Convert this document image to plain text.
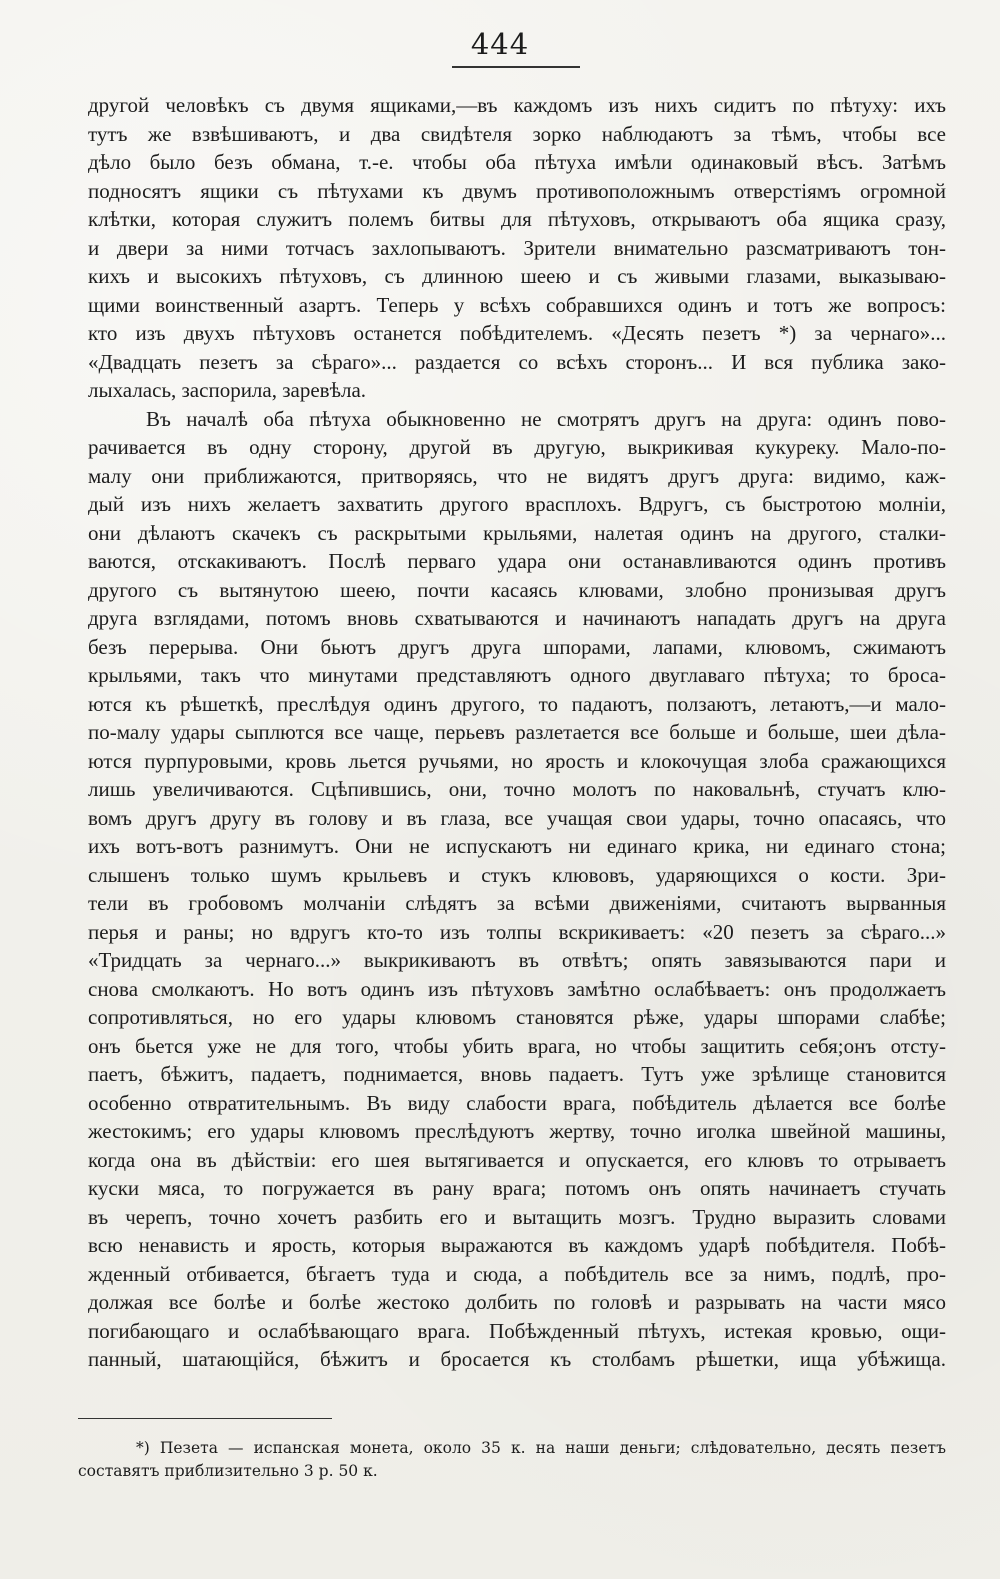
444
другой человѣкъ съ двумя ящиками,—въ каждомъ изъ нихъ сидитъ по пѣтуху: ихъ
тутъ же взвѣшиваютъ, и два свидѣтеля зорко наблюдаютъ за тѣмъ, чтобы все
дѣло было безъ обмана, т.-е. чтобы оба пѣтуха имѣли одинаковый вѣсъ. Затѣмъ
подносятъ ящики съ пѣтухами къ двумъ противоположнымъ отверстіямъ огромной
клѣтки, которая служитъ полемъ битвы для пѣтуховъ, открываютъ оба ящика сразу,
и двери за ними тотчасъ захлопываютъ. Зрители внимательно разсматриваютъ тон-
кихъ и высокихъ пѣтуховъ, съ длинною шеею и съ живыми глазами, выказываю-
щими воинственный азартъ. Теперь у всѣхъ собравшихся одинъ и тотъ же вопросъ:
кто изъ двухъ пѣтуховъ останется побѣдителемъ. «Десять пезетъ *) за чернаго»...
«Двадцать пезетъ за сѣраго»... раздается со всѣхъ сторонъ... И вся публика зако-
лыхалась, заспорила, заревѣла.
Въ началѣ оба пѣтуха обыкновенно не смотрятъ другъ на друга: одинъ пово-
рачивается въ одну сторону, другой въ другую, выкрикивая кукуреку. Мало-по-
малу они приближаются, притворяясь, что не видятъ другъ друга: видимо, каж-
дый изъ нихъ желаетъ захватить другого врасплохъ. Вдругъ, съ быстротою молніи,
они дѣлаютъ скачекъ съ раскрытыми крыльями, налетая одинъ на другого, сталки-
ваются, отскакиваютъ. Послѣ перваго удара они останавливаются одинъ противъ
другого съ вытянутою шеею, почти касаясь клювами, злобно пронизывая другъ
друга взглядами, потомъ вновь схватываются и начинаютъ нападать другъ на друга
безъ перерыва. Они бьютъ другъ друга шпорами, лапами, клювомъ, сжимаютъ
крыльями, такъ что минутами представляютъ одного двуглаваго пѣтуха; то броса-
ются къ рѣшеткѣ, преслѣдуя одинъ другого, то падаютъ, ползаютъ, летаютъ,—и мало-
по-малу удары сыплются все чаще, перьевъ разлетается все больше и больше, шеи дѣла-
ются пурпуровыми, кровь льется ручьями, но ярость и клокочущая злоба сражающихся
лишь увеличиваются. Сцѣпившись, они, точно молотъ по наковальнѣ, стучатъ клю-
вомъ другъ другу въ голову и въ глаза, все учащая свои удары, точно опасаясь, что
ихъ вотъ-вотъ разнимутъ. Они не испускаютъ ни единаго крика, ни единаго стона;
слышенъ только шумъ крыльевъ и стукъ клювовъ, ударяющихся о кости. Зри-
тели въ гробовомъ молчаніи слѣдятъ за всѣми движеніями, считаютъ вырванныя
перья и раны; но вдругъ кто-то изъ толпы вскрикиваетъ: «20 пезетъ за сѣраго...»
«Тридцать за чернаго...» выкрикиваютъ въ отвѣтъ; опять завязываются пари и
снова смолкаютъ. Но вотъ одинъ изъ пѣтуховъ замѣтно ослабѣваетъ: онъ продолжаетъ
сопротивляться, но его удары клювомъ становятся рѣже, удары шпорами слабѣе;
онъ бьется уже не для того, чтобы убить врага, но чтобы защитить себя;онъ отсту-
паетъ, бѣжитъ, падаетъ, поднимается, вновь падаетъ. Тутъ уже зрѣлище становится
особенно отвратительнымъ. Въ виду слабости врага, побѣдитель дѣлается все болѣе
жестокимъ; его удары клювомъ преслѣдуютъ жертву, точно иголка швейной машины,
когда она въ дѣйствіи: его шея вытягивается и опускается, его клювъ то отрываетъ
куски мяса, то погружается въ рану врага; потомъ онъ опять начинаетъ стучать
въ черепъ, точно хочетъ разбить его и вытащить мозгъ. Трудно выразить словами
всю ненависть и ярость, которыя выражаются въ каждомъ ударѣ побѣдителя. Побѣ-
жденный отбивается, бѣгаетъ туда и сюда, а побѣдитель все за нимъ, подлѣ, про-
должая все болѣе и болѣе жестоко долбить по головѣ и разрывать на части мясо
погибающаго и ослабѣвающаго врага. Побѣжденный пѣтухъ, истекая кровью, ощи-
панный, шатающійся, бѣжитъ и бросается къ столбамъ рѣшетки, ища убѣжища.
*) Пезета — испанская монета, около 35 к. на наши деньги; слѣдовательно, десять пезетъ
составятъ приблизительно 3 р. 50 к.
